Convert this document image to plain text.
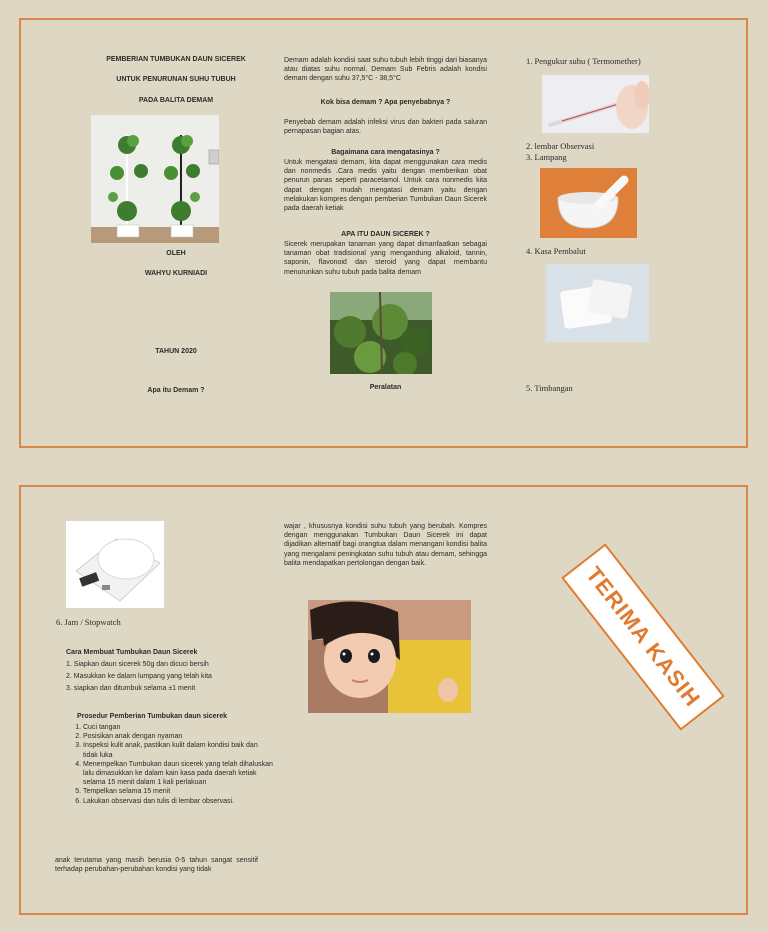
PEMBERIAN TUMBUKAN DAUN SICEREK
UNTUK PENURUNAN SUHU TUBUH
PADA BALITA DEMAM
OLEH
WAHYU KURNIADI
TAHUN 2020
Apa itu Demam ?
Demam adalah kondisi saat suhu tubuh lebih tinggi dari biasanya atau diatas suhu normal. Demam Sub Febris adalah kondisi demam dengan suhu 37,5°C - 38,5°C
Kok bisa demam ? Apa penyebabnya ?
Penyebab demam adalah infeksi virus dan bakteri pada saluran pernapasan bagian atas.
Bagaimana cara mengatasinya ?
Untuk mengatasi demam, kita dapat menggunakan cara medis dan nonmedis .Cara medis yaitu dengan memberikan obat penurun panas seperti paracetamol. Untuk cara nonmedis kita dapat dengan mudah mengatasi demam yaitu dengan melakukan kompres dengan pemberian Tumbukan Daun Sicerek pada daerah ketiak
APA ITU DAUN SICEREK ?
Sicerek merupakan tanaman yang dapat dimanfaatkan sebagai tanaman obat tradisional yang mengandung alkaloid, tannin, saponin, flavonoid dan steroid yang dapat membantu menurunkan suhu tubuh pada balita demam
Peralatan
1. Pengukur suhu ( Termomether)
2. lembar Observasi
3. Lampang
4. Kasa Pembalut
5. Timbangan
6. Jam / Stopwatch
Cara Membuat Tumbukan Daun Sicerek
1. Siapkan daun sicerek 50g dan dicuci bersih
2. Masukkan ke dalam lumpang yang telah kita
3. siapkan dan ditumbuk selama ±1 menit
Prosedur Pemberian Tumbukan daun sicerek
1. Cuci tangan
2. Posisikan anak dengan nyaman
3. Inspeksi kulit anak, pastikan kulit dalam kondisi baik dan tidak luka
4. Menempelkan Tumbukan daun sicerek yang telah dihaluskan lalu dimasukkan ke dalam kain kasa pada daerah ketiak selama 15 menit dalam 1 kali perlakuan
5. Tempelkan selama 15 menit
6. Lakukan observasi dan tulis di lembar observasi.
anak terutama yang masih berusia 0-5 tahun sangat sensitif terhadap perubahan-perubahan kondisi yang tidak
wajar , khususnya kondisi suhu tubuh yang berubah. Kompres dengan menggunakan Tumbukan Daun Sicerek ini dapat dijadikan alternatif bagi orangtua dalam menangani kondisi balita yang mengalami peningkatan suhu tubuh atau demam, sehingga balita mendapatkan pertolongan dengan baik.	TERIMA KASIH
